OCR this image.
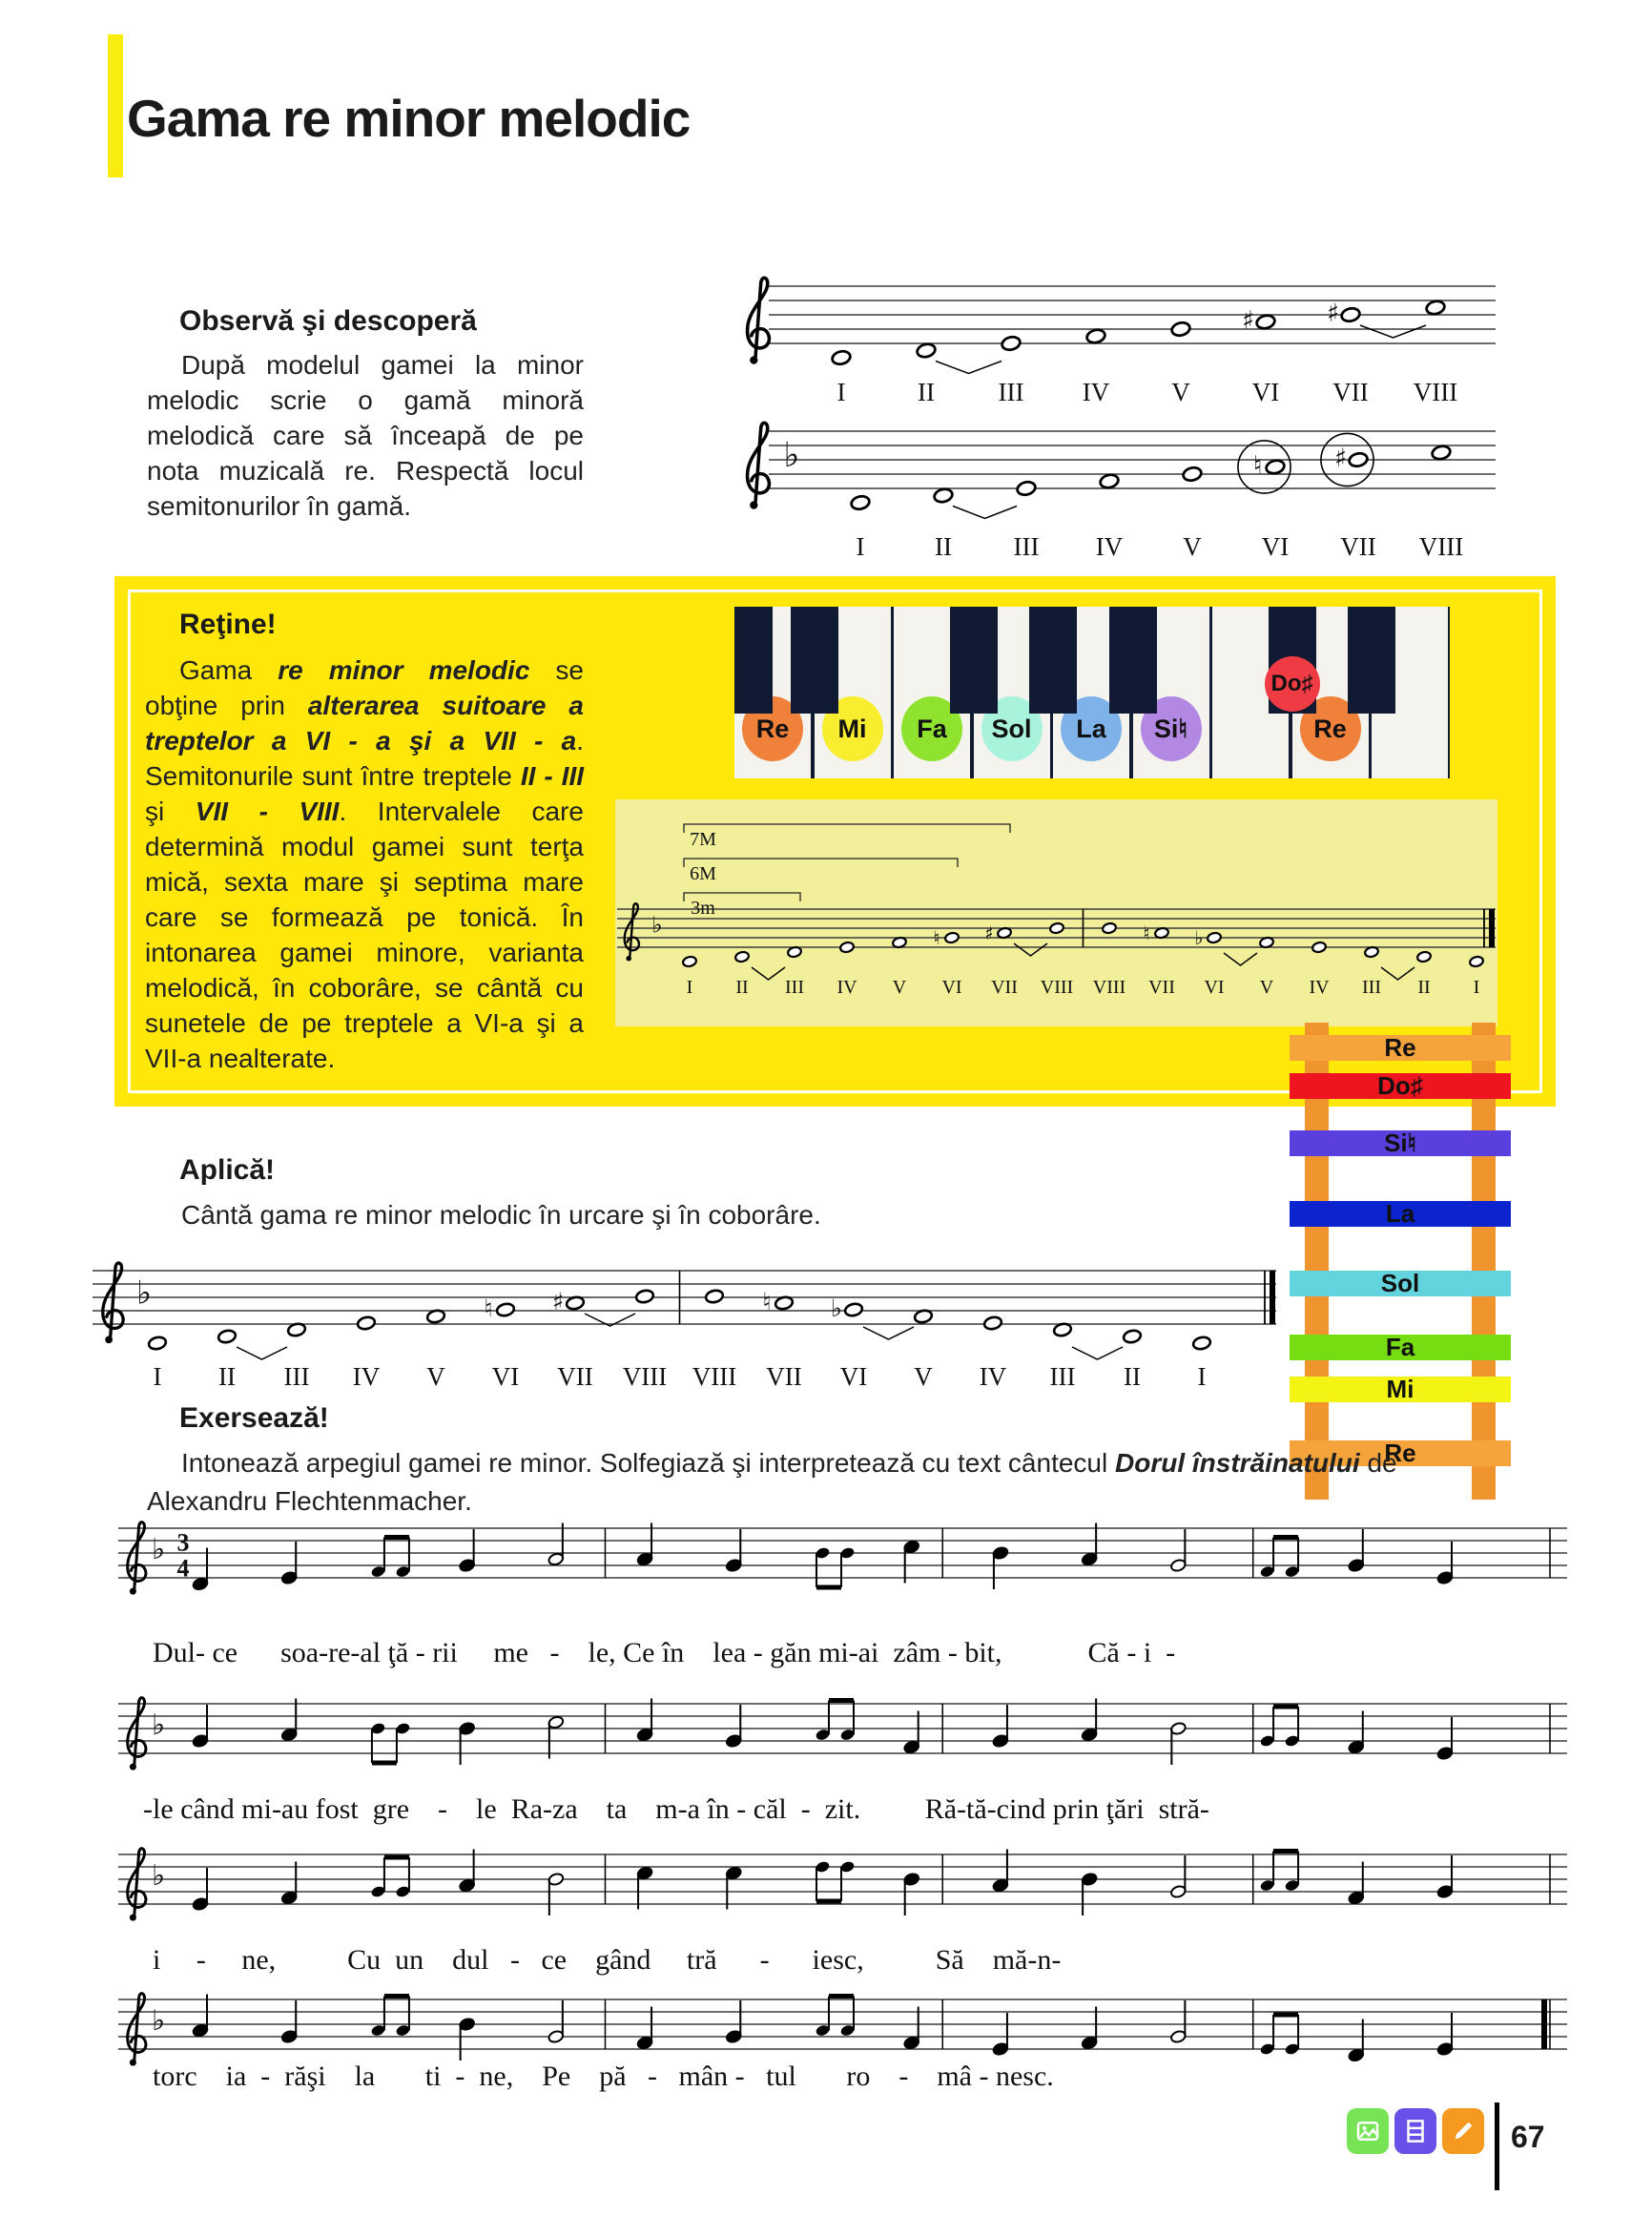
Gama re minor melodic
Observă şi descoperă

După modelul gamei la minor melodic scrie o gamă minoră melodică care să înceapă de pe nota muzicală re. Respectă locul semitonurilor în gamă.

I	II III IV V
♯
VI
♯
VII VIII
♭
I	II III IV V
♮
VI
♯
VII VIII
Reţine!

Gama re minor melodic se obţine prin alterarea suitoare a treptelor a VI - a şi a VII - a. Semitonurile sunt între treptele II - III şi VII - VIII. Intervalele care determină modul gamei sunt terţa mică, sexta mare şi septima mare care se formează pe tonică. În intonarea gamei minore, varianta melodică, în coborâre, se cântă cu sunetele de pe treptele a VI-a şi a VII-a nealterate.

Re	Mi	Fa	Sol	La	Si♮	Re
Do♯
♭
I II III IV V
♮
VI
♯
VII VIII VIII
♮
VII
♭
VI V IV III II I
7M
6M
3m
Re
Do♯
Si♮
La
Sol
Fa
Mi
Re
Aplică!
Cântă gama re minor melodic în urcare şi în coborâre.
♭
I II III IV V
♮
VI
♯
VII VIII VIII
♮
VII
♭
VI V IV III II I
Exersează!

Intonează arpegiul gamei re minor. Solfegiază şi interpretează cu text cântecul Dorul înstrăinatului de Alexandru Flechtenmacher.

♭ 3
4
Dul- ce      soa-re-al ţă - rii     me   -    le, Ce în    lea - găn mi-ai  zâm - bit,            Că - i  -
♭
-le când mi-au fost  gre    -    le  Ra-za    ta    m-a în - căl  -  zit.         Ră-tă-cind prin ţări  stră-
♭
i     -     ne,          Cu  un    dul   -   ce    gând     tră      -      iesc,          Să    mă-n-
♭
torc    ia  -  răşi    la       ti  -  ne,    Pe    pă   -   mân -   tul       ro    -    mâ - nesc.
67
